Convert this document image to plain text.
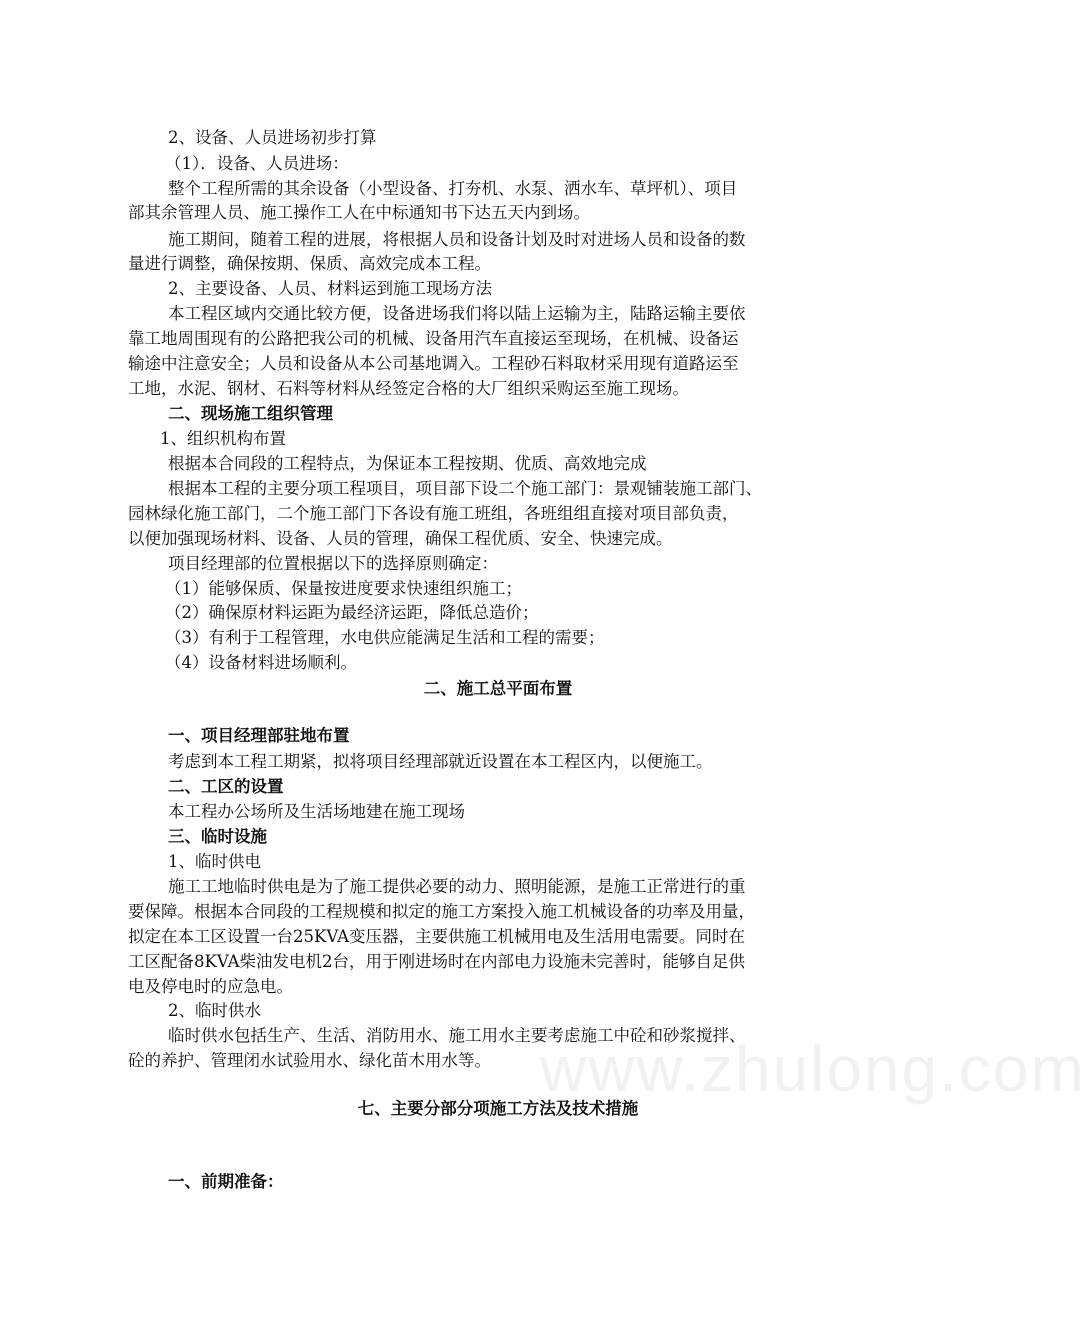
2、设备、人员进场初步打算
（1）．设备、人员进场：
整个工程所需的其余设备（小型设备、打夯机、水泵、洒水车、草坪机）、项目
部其余管理人员、施工操作工人在中标通知书下达五天内到场。
施工期间，随着工程的进展，将根据人员和设备计划及时对进场人员和设备的数
量进行调整，确保按期、保质、高效完成本工程。
2、主要设备、人员、材料运到施工现场方法
本工程区域内交通比较方便，设备进场我们将以陆上运输为主，陆路运输主要依
靠工地周围现有的公路把我公司的机械、设备用汽车直接运至现场，在机械、设备运
输途中注意安全；人员和设备从本公司基地调入。工程砂石料取材采用现有道路运至
工地，水泥、钢材、石料等材料从经签定合格的大厂组织采购运至施工现场。
二、现场施工组织管理
1、组织机构布置
根据本合同段的工程特点，为保证本工程按期、优质、高效地完成
根据本工程的主要分项工程项目，项目部下设二个施工部门：景观铺装施工部门、
园林绿化施工部门，二个施工部门下各设有施工班组，各班组组直接对项目部负责，
以便加强现场材料、设备、人员的管理，确保工程优质、安全、快速完成。
项目经理部的位置根据以下的选择原则确定：
（1）能够保质、保量按进度要求快速组织施工；
（2）确保原材料运距为最经济运距，降低总造价；
（3）有利于工程管理，水电供应能满足生活和工程的需要；
（4）设备材料进场顺利。
二、施工总平面布置
一、项目经理部驻地布置
考虑到本工程工期紧，拟将项目经理部就近设置在本工程区内，以便施工。
二、工区的设置
本工程办公场所及生活场地建在施工现场
三、临时设施
1、临时供电
施工工地临时供电是为了施工提供必要的动力、照明能源，是施工正常进行的重
要保障。根据本合同段的工程规模和拟定的施工方案投入施工机械设备的功率及用量，
拟定在本工区设置一台25KVA变压器，主要供施工机械用电及生活用电需要。同时在
工区配备8KVA柴油发电机2台，用于刚进场时在内部电力设施未完善时，能够自足供
电及停电时的应急电。
2、临时供水
临时供水包括生产、生活、消防用水、施工用水主要考虑施工中砼和砂浆搅拌、
砼的养护、管理闭水试验用水、绿化苗木用水等。
七、主要分部分项施工方法及技术措施
一、前期准备：
www.zhulong.com
